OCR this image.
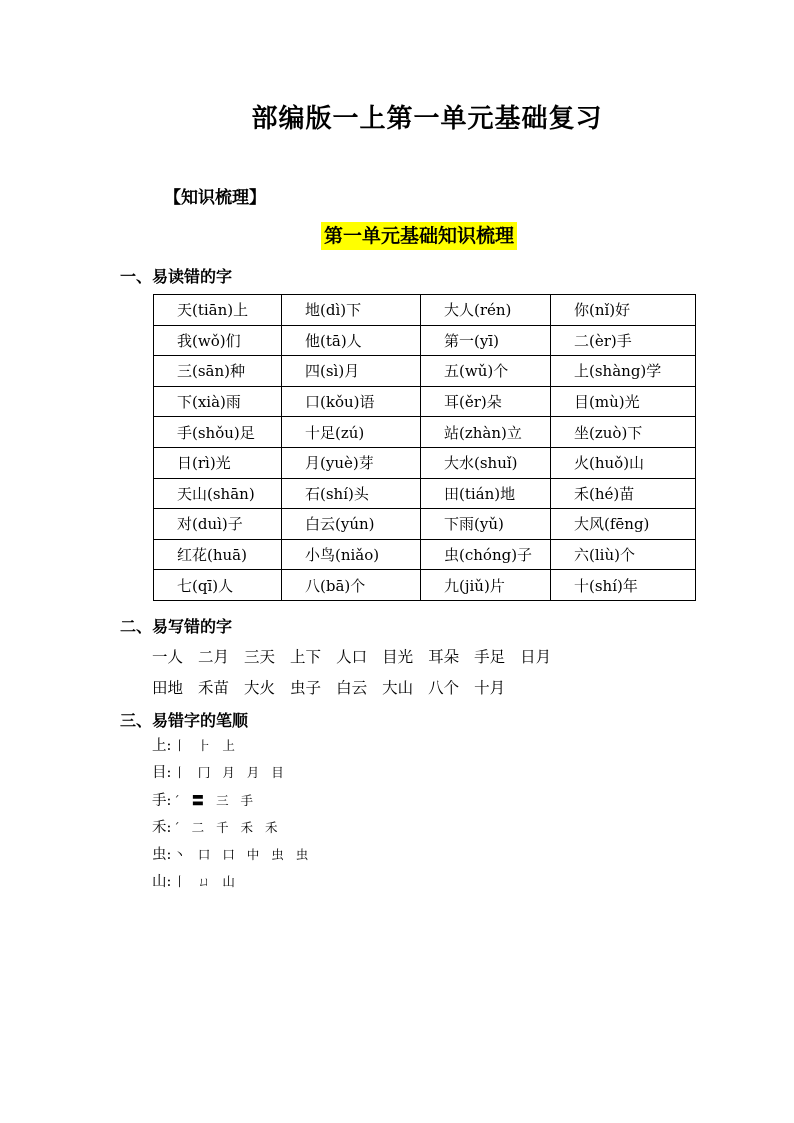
部编版一上第一单元基础复习
【知识梳理】
第一单元基础知识梳理
一、易读错的字
天(tiān)上	地(dì)下	大人(rén)	你(nǐ)好
我(wǒ)们	他(tā)人	第一(yī)	二(èr)手
三(sān)种	四(sì)月	五(wǔ)个	上(shàng)学
下(xià)雨	口(kǒu)语	耳(ěr)朵	目(mù)光
手(shǒu)足	十足(zú)	站(zhàn)立	坐(zuò)下
日(rì)光	月(yuè)芽	大水(shuǐ)	火(huǒ)山
天山(shān)	石(shí)头	田(tián)地	禾(hé)苗
对(duì)子	白云(yún)	下雨(yǔ)	大风(fēng)
红花(huā)	小鸟(niǎo)	虫(chóng)子	六(liù)个
七(qī)人	八(bā)个	九(jiǔ)片	十(shí)年
二、易写错的字
一人 二月 三天 上下 人口 目光 耳朵 手足 日月
田地 禾苗 大火 虫子 白云 大山 八个 十月
三、易错字的笔顺
上: 丨 ⺊ 上
目: 丨 冂 月 月 目
手: ˊ 〓 三 手
禾: ˊ 二 千 禾 禾
虫: 丶 口 口 中 虫 虫
山: 丨 ㄩ 山
